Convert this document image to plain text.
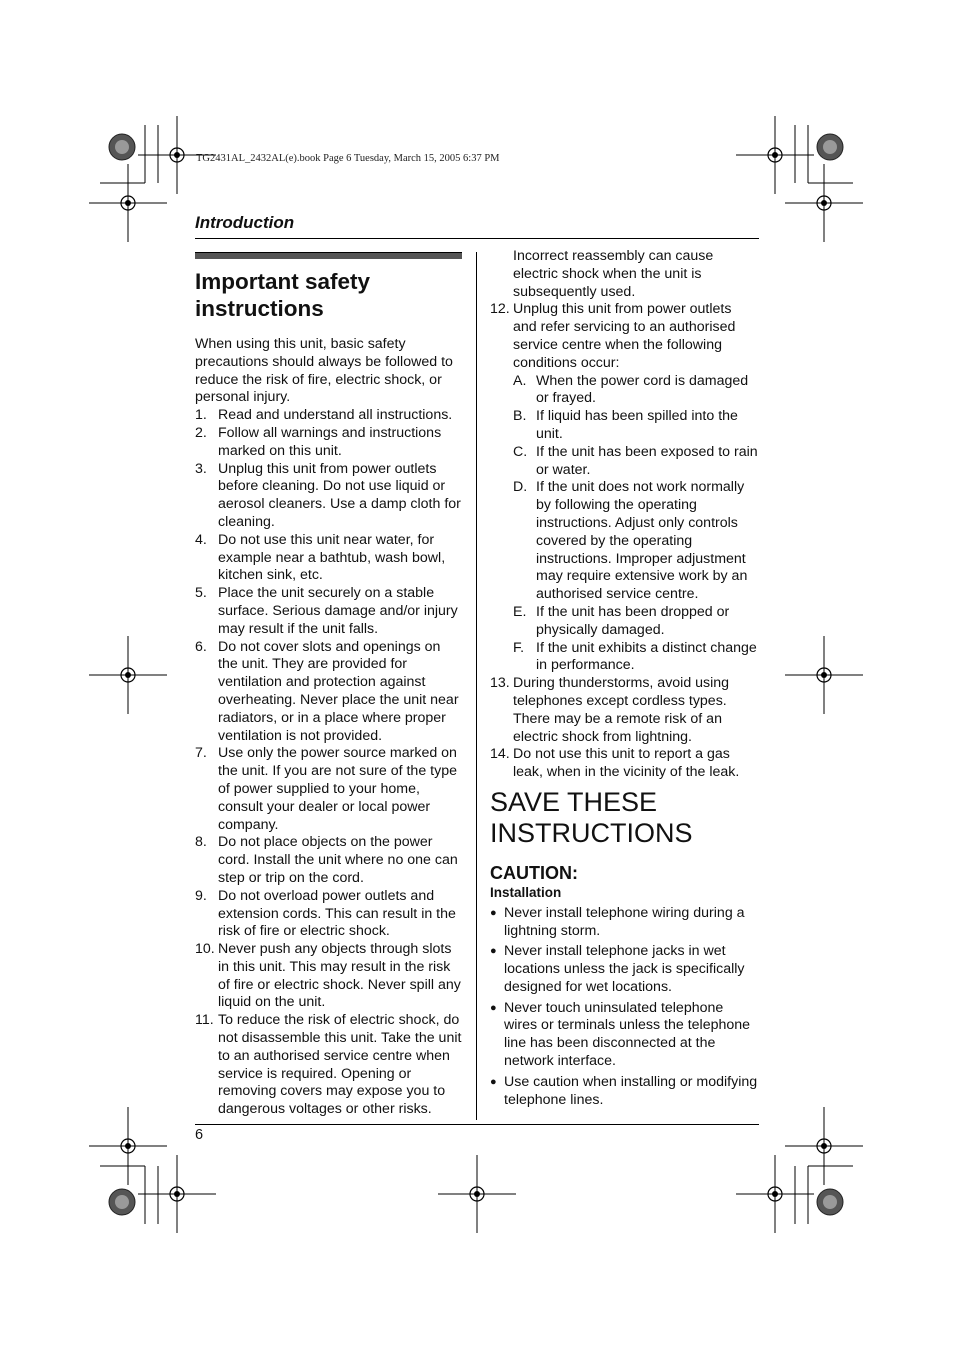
TG2431AL_2432AL(e).book Page 6 Tuesday, March 15, 2005 6:37 PM
Introduction
Important safety instructions

When using this unit, basic safety precautions should always be followed to reduce the risk of fire, electric shock, or personal injury.

1. Read and understand all instructions.
2. Follow all warnings and instructions marked on this unit.
3. Unplug this unit from power outlets before cleaning. Do not use liquid or aerosol cleaners. Use a damp cloth for cleaning.
4. Do not use this unit near water, for example near a bathtub, wash bowl, kitchen sink, etc.
5. Place the unit securely on a stable surface. Serious damage and/or injury may result if the unit falls.
6. Do not cover slots and openings on the unit. They are provided for ventilation and protection against overheating. Never place the unit near radiators, or in a place where proper ventilation is not provided.
7. Use only the power source marked on the unit. If you are not sure of the type of power supplied to your home, consult your dealer or local power company.
8. Do not place objects on the power cord. Install the unit where no one can step or trip on the cord.
9. Do not overload power outlets and extension cords. This can result in the risk of fire or electric shock.
10. Never push any objects through slots in this unit. This may result in the risk of fire or electric shock. Never spill any liquid on the unit.
11. To reduce the risk of electric shock, do not disassemble this unit. Take the unit to an authorised service centre when service is required. Opening or removing covers may expose you to dangerous voltages or other risks.
Incorrect reassembly can cause electric shock when the unit is subsequently used.
12. Unplug this unit from power outlets and refer servicing to an authorised service centre when the following conditions occur:
A. When the power cord is damaged or frayed.
B. If liquid has been spilled into the unit.
C. If the unit has been exposed to rain or water.
D. If the unit does not work normally by following the operating instructions. Adjust only controls covered by the operating instructions. Improper adjustment may require extensive work by an authorised service centre.
E. If the unit has been dropped or physically damaged.
F. If the unit exhibits a distinct change in performance.
13. During thunderstorms, avoid using telephones except cordless types. There may be a remote risk of an electric shock from lightning.
14. Do not use this unit to report a gas leak, when in the vicinity of the leak.
SAVE THESE INSTRUCTIONS
CAUTION:
Installation
● Never install telephone wiring during a lightning storm.
● Never install telephone jacks in wet locations unless the jack is specifically designed for wet locations.
● Never touch uninsulated telephone wires or terminals unless the telephone line has been disconnected at the network interface.
● Use caution when installing or modifying telephone lines.
6
